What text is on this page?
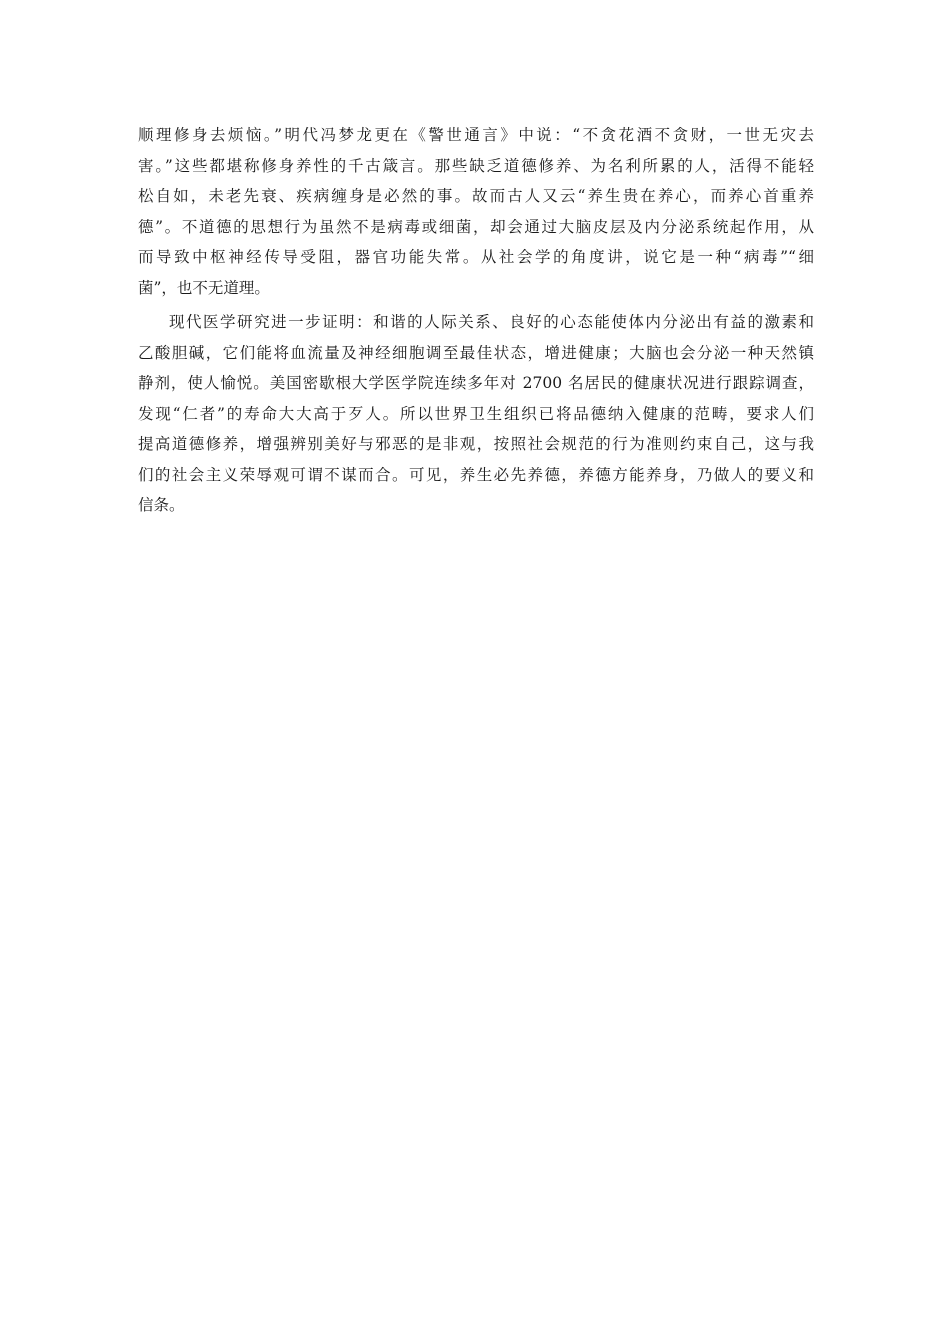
顺理修身去烦恼。”明代冯梦龙更在《警世通言》中说：“不贪花酒不贪财，一世无灾去
害。”这些都堪称修身养性的千古箴言。那些缺乏道德修养、为名利所累的人，活得不能轻
松自如，未老先衰、疾病缠身是必然的事。故而古人又云“养生贵在养心，而养心首重养
德”。不道德的思想行为虽然不是病毒或细菌，却会通过大脑皮层及内分泌系统起作用，从
而导致中枢神经传导受阻，器官功能失常。从社会学的角度讲，说它是一种“病毒”“细
菌”，也不无道理。
现代医学研究进一步证明：和谐的人际关系、良好的心态能使体内分泌出有益的激素和
乙酸胆碱，它们能将血流量及神经细胞调至最佳状态，增进健康；大脑也会分泌一种天然镇
静剂，使人愉悦。美国密歇根大学医学院连续多年对 2700 名居民的健康状况进行跟踪调查，
发现“仁者”的寿命大大高于歹人。所以世界卫生组织已将品德纳入健康的范畴，要求人们
提高道德修养，增强辨别美好与邪恶的是非观，按照社会规范的行为准则约束自己，这与我
们的社会主义荣辱观可谓不谋而合。可见，养生必先养德，养德方能养身，乃做人的要义和
信条。
